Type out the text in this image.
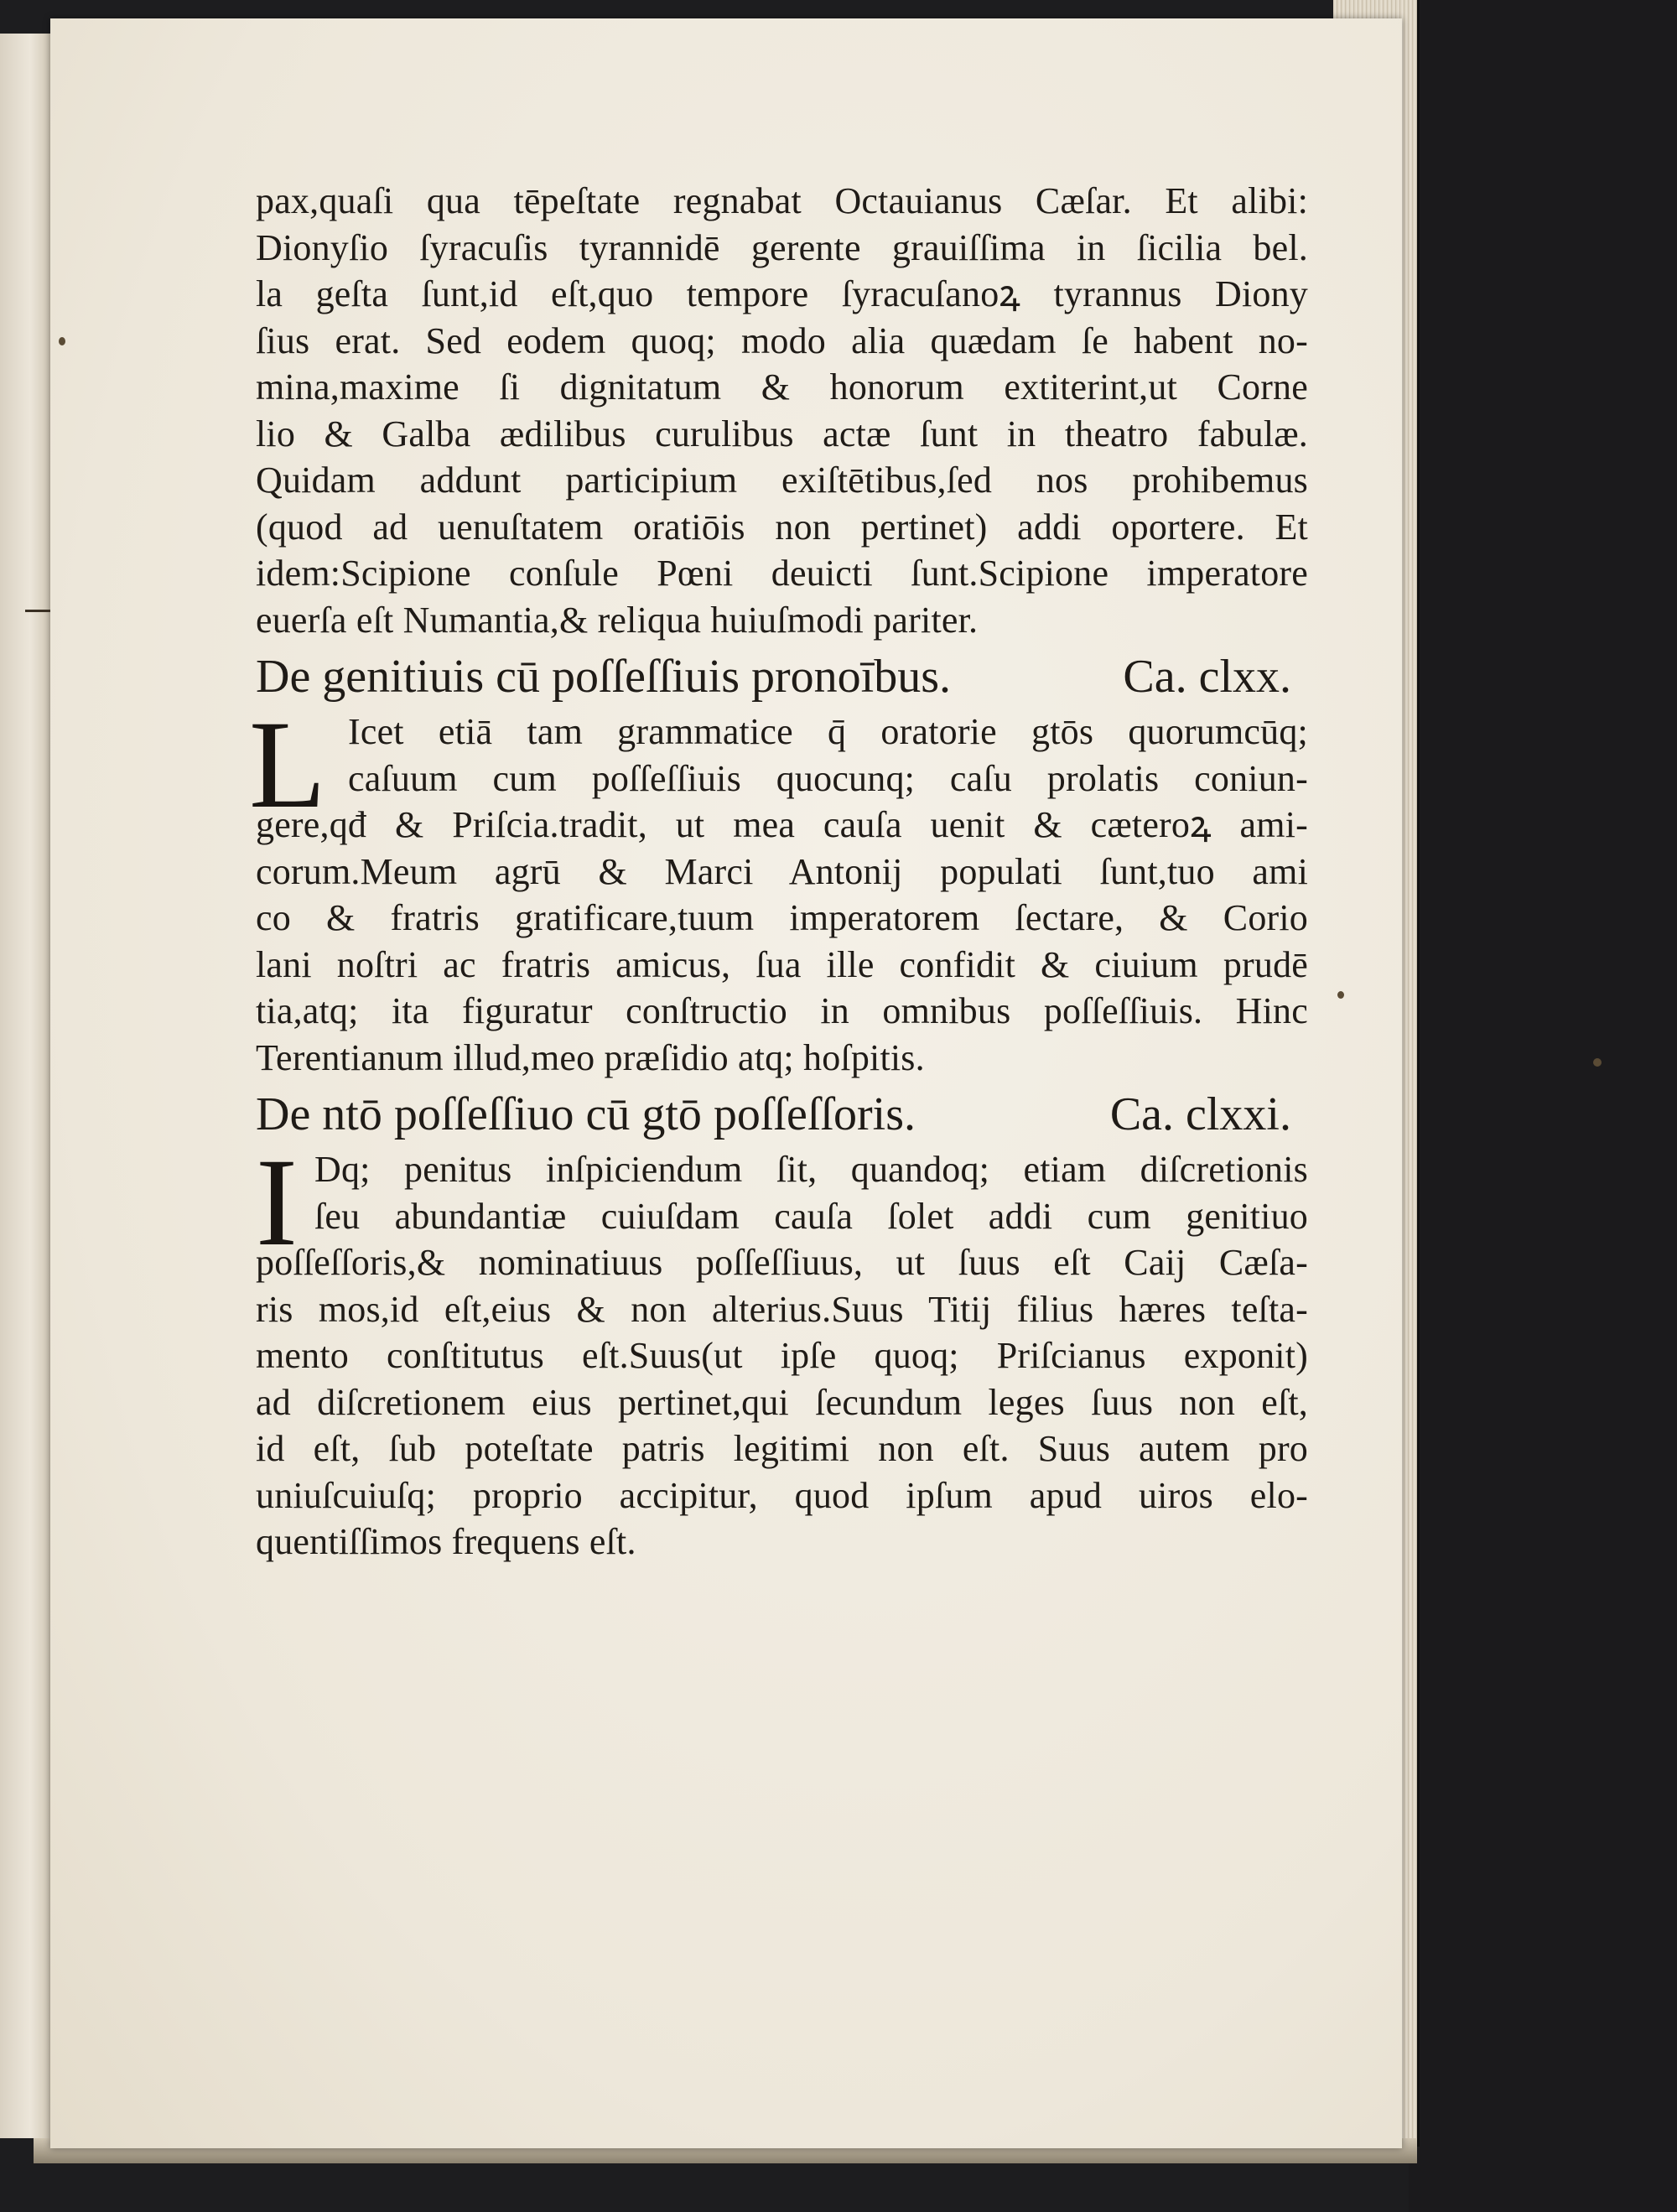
pax,quaſi qua tēpeſtate regnabat Octauianus Cæſar. Et alibi:
Dionyſio ſyracuſis tyrannidē gerente grauiſſima in ſicilia bel.
la geſta ſunt,id eſt,quo tempore ſyracuſanoꝝ tyrannus Diony
ſius erat. Sed eodem quoq; modo alia quædam ſe habent no-
mina,maxime ſi dignitatum & honorum extiterint,ut Corne
lio & Galba ædilibus curulibus actæ ſunt in theatro fabulæ.
Quidam addunt participium exiſtētibus,ſed nos prohibemus
(quod ad uenuſtatem oratiōis non pertinet) addi oportere. Et
idem:Scipione conſule Pœni deuicti ſunt.Scipione imperatore
euerſa eſt Numantia,& reliqua huiuſmodi pariter.
De genitiuis cū poſſeſſiuis pronoībus.	Ca. clxx.
L Icet etiā tam grammatice q̄ oratorie gtōs quorumcūq;
caſuum cum poſſeſſiuis quocunq; caſu prolatis coniun-
gere,qđ & Priſcia.tradit, ut mea cauſa uenit & cæteroꝝ ami-
corum.Meum agrū & Marci Antonij populati ſunt,tuo ami
co & fratris gratificare,tuum imperatorem ſectare, & Corio
lani noſtri ac fratris amicus, ſua ille confidit & ciuium prudē
tia,atq; ita figuratur conſtructio in omnibus poſſeſſiuis. Hinc
Terentianum illud,meo præſidio atq; hoſpitis.
De ntō poſſeſſiuo cū gtō poſſeſſoris.	Ca. clxxi.
I Dq; penitus inſpiciendum ſit, quandoq; etiam diſcretionis
ſeu abundantiæ cuiuſdam cauſa ſolet addi cum genitiuo
poſſeſſoris,& nominatiuus poſſeſſiuus, ut ſuus eſt Caij Cæſa-
ris mos,id eſt,eius & non alterius.Suus Titij filius hæres teſta-
mento conſtitutus eſt.Suus(ut ipſe quoq; Priſcianus exponit)
ad diſcretionem eius pertinet,qui ſecundum leges ſuus non eſt,
id eſt, ſub poteſtate patris legitimi non eſt. Suus autem pro
uniuſcuiuſq; proprio accipitur, quod ipſum apud uiros elo-
quentiſſimos frequens eſt.
